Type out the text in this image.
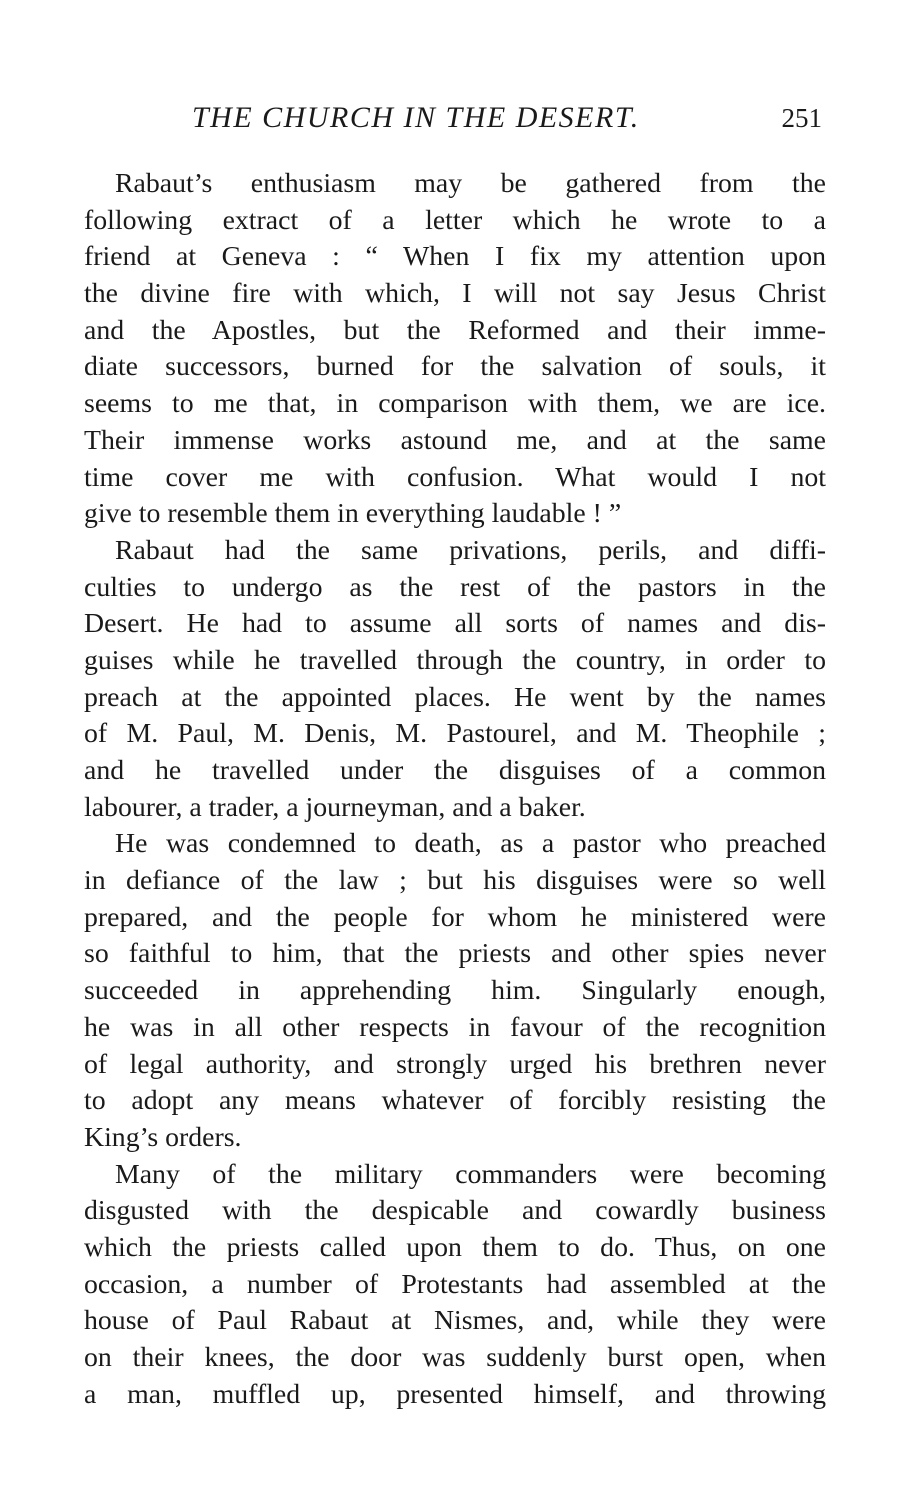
THE CHURCH IN THE DESERT.	251

Rabaut’s enthusiasm may be gathered from the
following extract of a letter which he wrote to a
friend at Geneva : “ When I fix my attention upon
the divine fire with which, I will not say Jesus Christ
and the Apostles, but the Reformed and their imme-
diate successors, burned for the salvation of souls, it
seems to me that, in comparison with them, we are ice.
Their immense works astound me, and at the same
time cover me with confusion. What would I not
give to resemble them in everything laudable ! ”

Rabaut had the same privations, perils, and diffi-
culties to undergo as the rest of the pastors in the
Desert. He had to assume all sorts of names and dis-
guises while he travelled through the country, in order to
preach at the appointed places. He went by the names
of M. Paul, M. Denis, M. Pastourel, and M. Theophile ;
and he travelled under the disguises of a common
labourer, a trader, a journeyman, and a baker.

He was condemned to death, as a pastor who preached
in defiance of the law ; but his disguises were so well
prepared, and the people for whom he ministered were
so faithful to him, that the priests and other spies never
succeeded in apprehending him. Singularly enough,
he was in all other respects in favour of the recognition
of legal authority, and strongly urged his brethren never
to adopt any means whatever of forcibly resisting the
King’s orders.

Many of the military commanders were becoming
disgusted with the despicable and cowardly business
which the priests called upon them to do. Thus, on one
occasion, a number of Protestants had assembled at the
house of Paul Rabaut at Nismes, and, while they were
on their knees, the door was suddenly burst open, when
a man, muffled up, presented himself, and throwing
